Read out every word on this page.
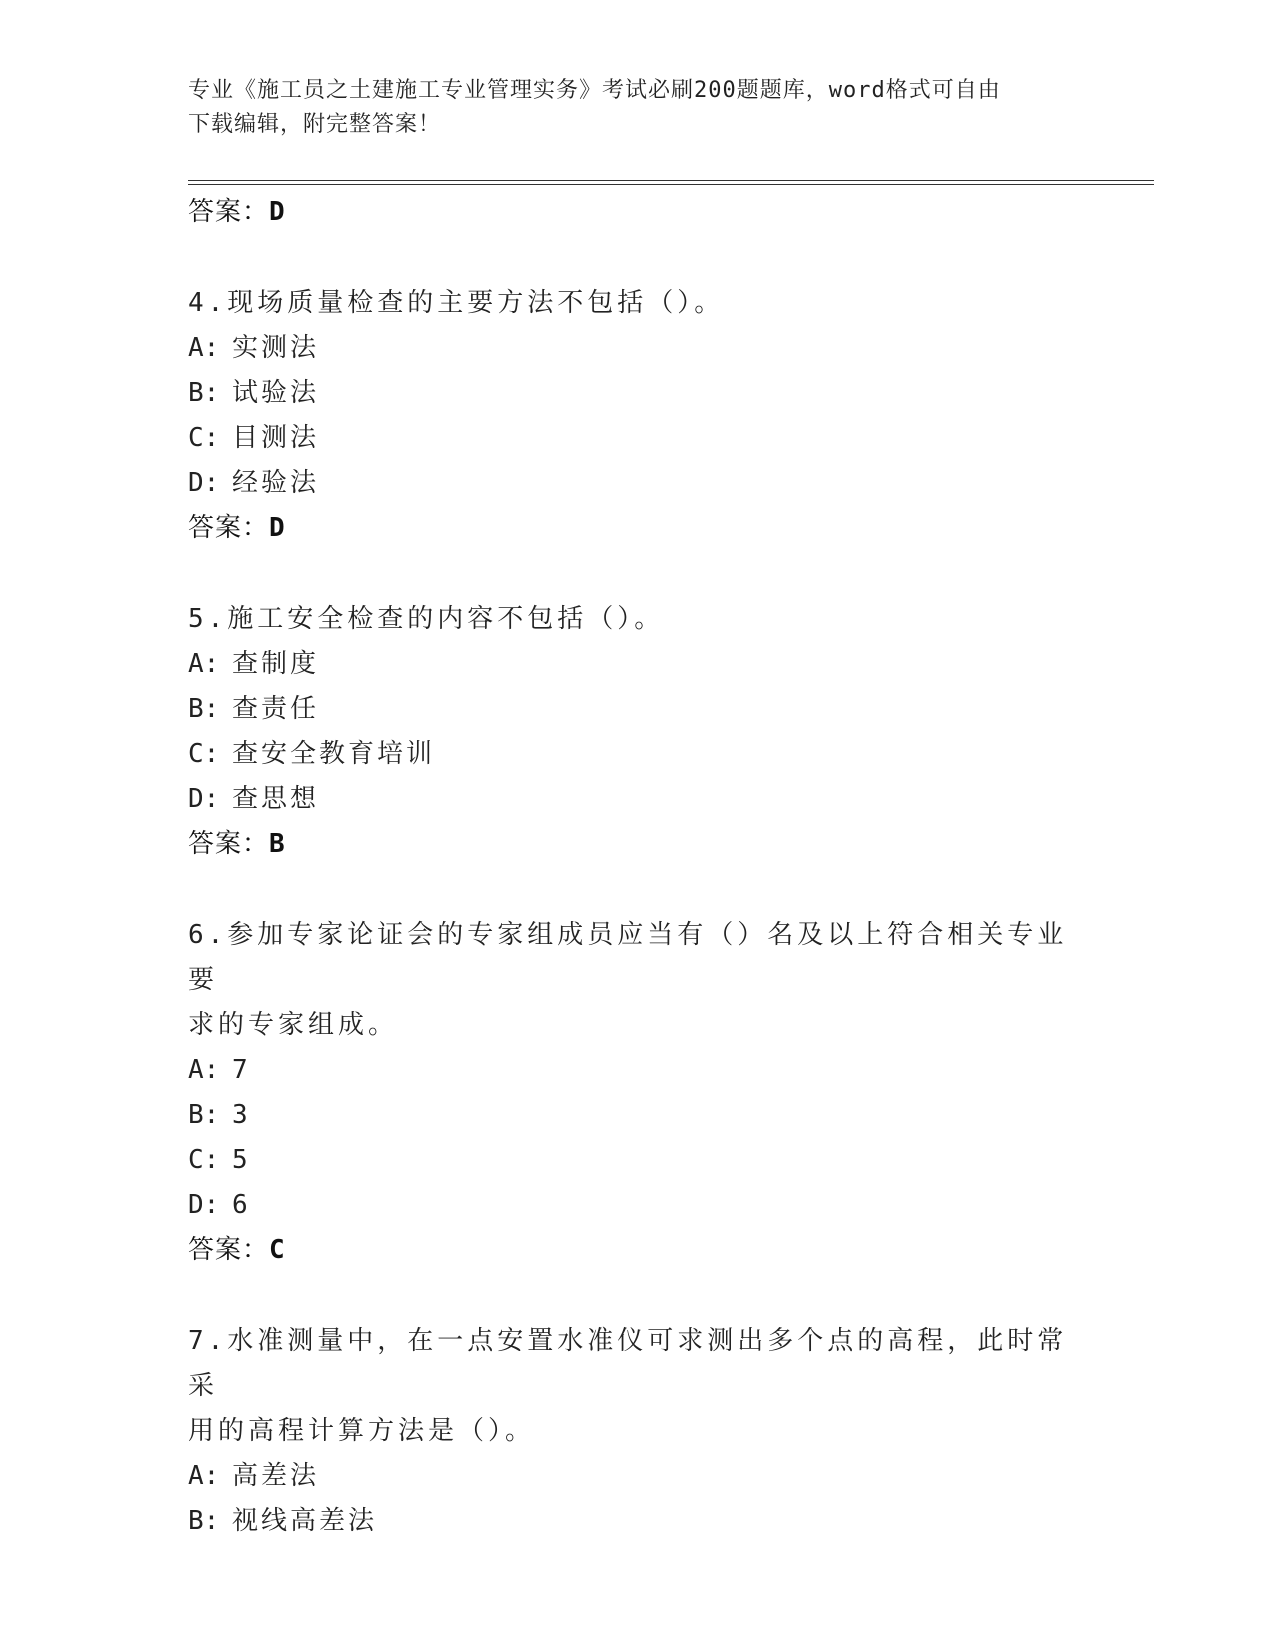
专业《施工员之土建施工专业管理实务》考试必刷200题题库，word格式可自由
下载编辑，附完整答案！
答案：D
4.现场质量检查的主要方法不包括（）。
A: 实测法
B: 试验法
C: 目测法
D: 经验法
答案：D
5.施工安全检查的内容不包括（）。
A: 查制度
B: 查责任
C: 查安全教育培训
D: 查思想
答案：B
6.参加专家论证会的专家组成员应当有（）名及以上符合相关专业要
求的专家组成。
A: 7
B: 3
C: 5
D: 6
答案：C
7.水准测量中，在一点安置水准仪可求测出多个点的高程，此时常采
用的高程计算方法是（）。
A: 高差法
B: 视线高差法
